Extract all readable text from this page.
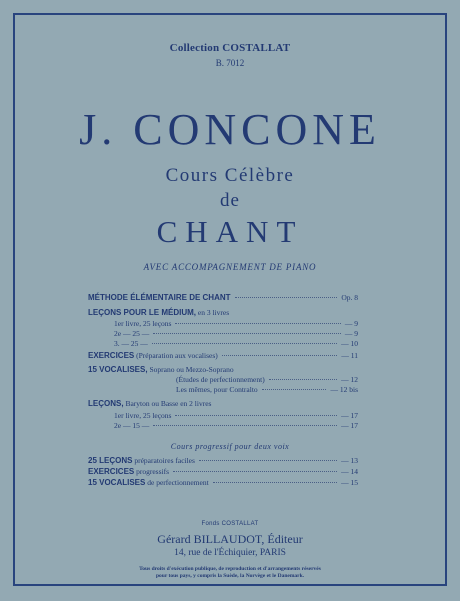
Collection COSTALLAT
B. 7012
J. CONCONE
Cours Célèbre
de
CHANT
AVEC ACCOMPAGNEMENT DE PIANO
MÉTHODE ÉLÉMENTAIRE DE CHANT	Op. 8
LEÇONS POUR LE MÉDIUM, en 3 livres
1er livre, 25 leçons	— 9
2e — 25 —	— 9
3. — 25 —	— 10
EXERCICES (Préparation aux vocalises)	— 11
15 VOCALISES, Soprano ou Mezzo-Soprano
(Études de perfectionnement)	— 12
Les mêmes, pour Contralto	— 12 bis
LEÇONS, Baryton ou Basse en 2 livres
1er livre, 25 leçons	— 17
2e — 15 —	— 17
Cours progressif pour deux voix
25 LEÇONS préparatoires faciles	— 13
EXERCICES progressifs	— 14
15 VOCALISES de perfectionnement	— 15
Fonds COSTALLAT
Gérard BILLAUDOT, Éditeur
14, rue de l'Échiquier, PARIS
Tous droits d'exécution publique, de reproduction et d'arrangements réservés
pour tous pays, y compris la Suède, la Norvège et le Danemark.
